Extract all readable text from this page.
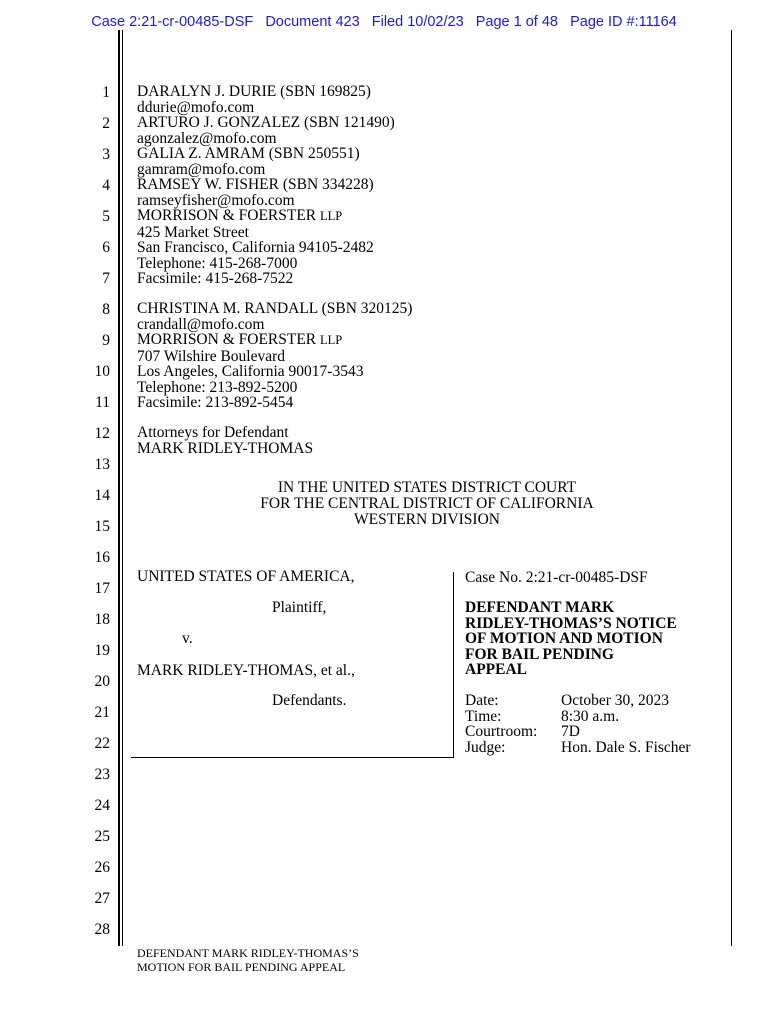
Case 2:21-cr-00485-DSF Document 423 Filed 10/02/23 Page 1 of 48 Page ID #:11164
1
2
3
4
5
6
7
8
9
10
11
12
13
14
15
16
17
18
19
20
21
22
23
24
25
26
27
28
DARALYN J. DURIE (SBN 169825)
ddurie@mofo.com
ARTURO J. GONZALEZ (SBN 121490)
agonzalez@mofo.com
GALIA Z. AMRAM (SBN 250551)
gamram@mofo.com
RAMSEY W. FISHER (SBN 334228)
ramseyfisher@mofo.com
MORRISON & FOERSTER LLP
425 Market Street
San Francisco, California 94105-2482
Telephone: 415-268-7000
Facsimile: 415-268-7522
CHRISTINA M. RANDALL (SBN 320125)
crandall@mofo.com
MORRISON & FOERSTER LLP
707 Wilshire Boulevard
Los Angeles, California 90017-3543
Telephone: 213-892-5200
Facsimile: 213-892-5454
Attorneys for Defendant
MARK RIDLEY-THOMAS
IN THE UNITED STATES DISTRICT COURT
FOR THE CENTRAL DISTRICT OF CALIFORNIA
WESTERN DIVISION
UNITED STATES OF AMERICA,
Plaintiff,
v.
MARK RIDLEY-THOMAS, et al.,
Defendants.
Case No. 2:21-cr-00485-DSF
DEFENDANT MARK
RIDLEY-THOMAS’S NOTICE
OF MOTION AND MOTION
FOR BAIL PENDING
APPEAL
Date:	October 30, 2023
Time:	8:30 a.m.
Courtroom:	7D
Judge:	Hon. Dale S. Fischer
DEFENDANT MARK RIDLEY-THOMAS’S
MOTION FOR BAIL PENDING APPEAL
